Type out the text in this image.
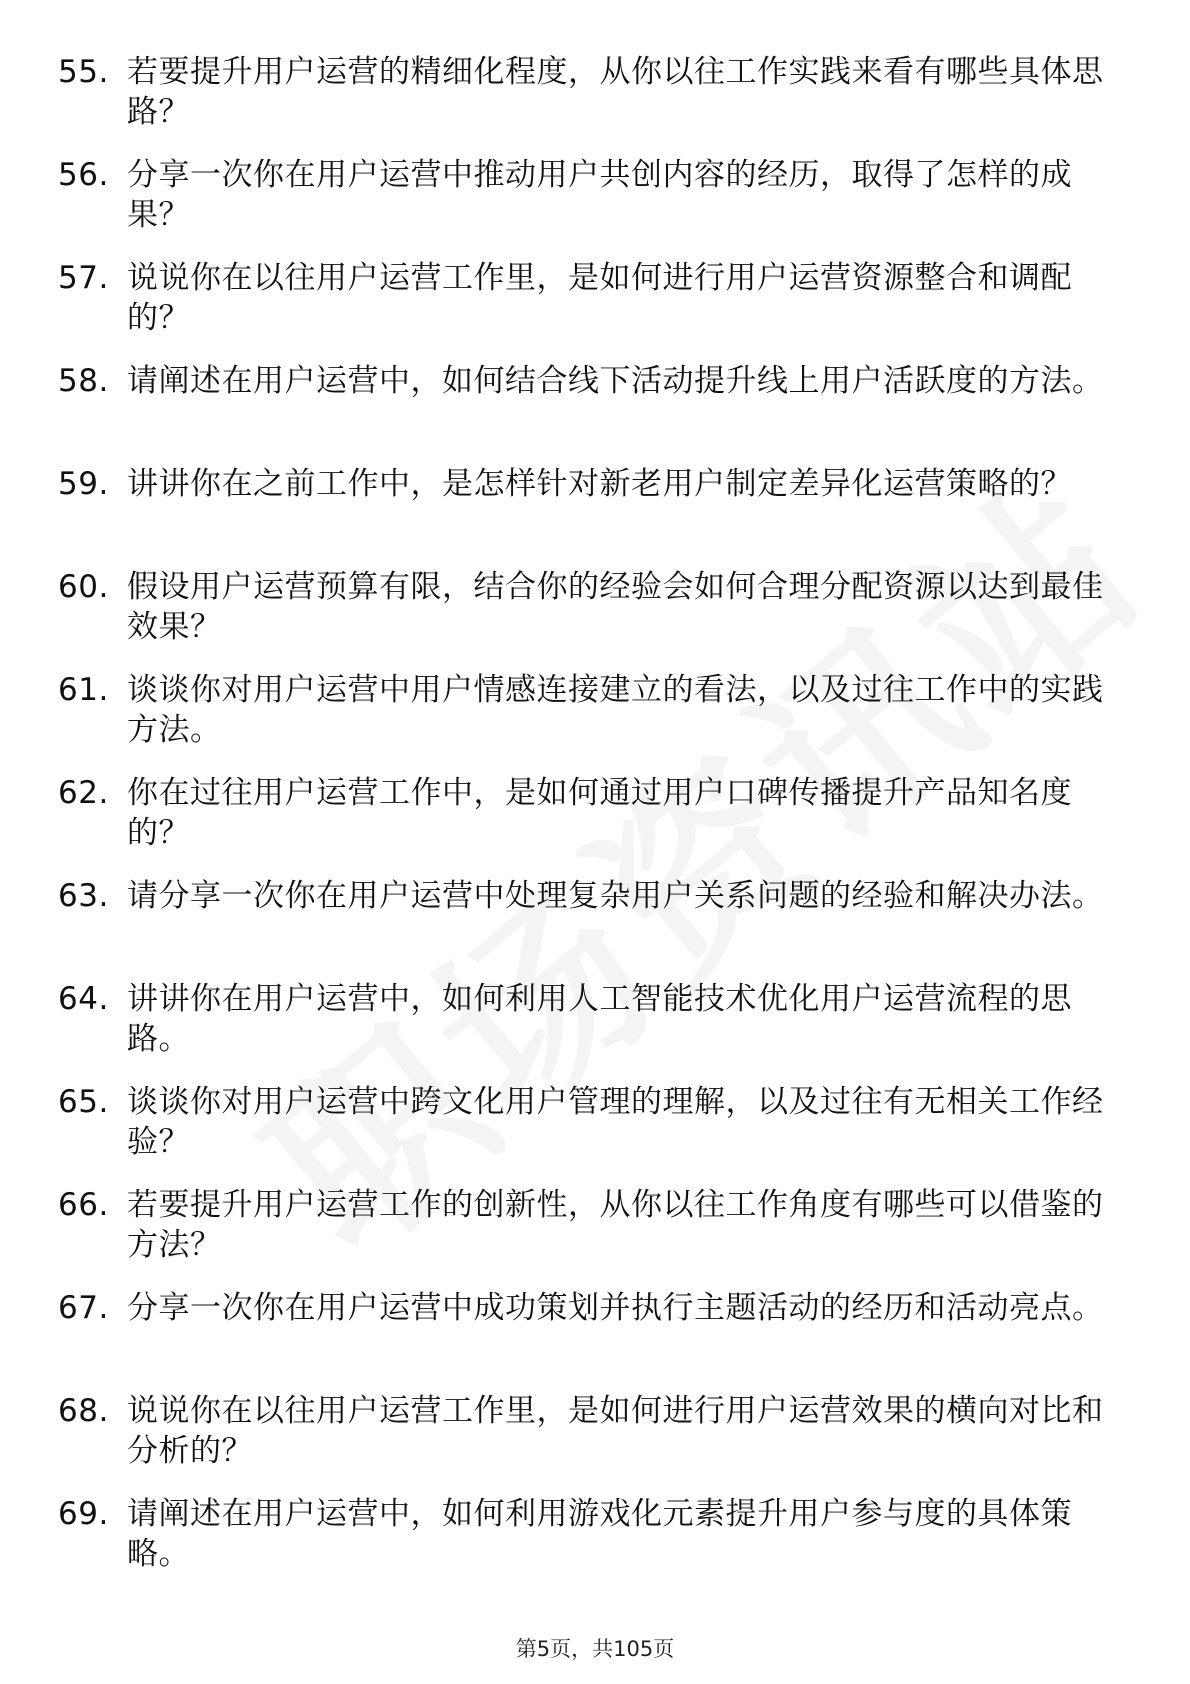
55. 若要提升用户运营的精细化程度，从你以往工作实践来看有哪些具体思路？
56. 分享一次你在用户运营中推动用户共创内容的经历，取得了怎样的成果？
57. 说说你在以往用户运营工作里，是如何进行用户运营资源整合和调配的？
58. 请阐述在用户运营中，如何结合线下活动提升线上用户活跃度的方法。
59. 讲讲你在之前工作中，是怎样针对新老用户制定差异化运营策略的？
60. 假设用户运营预算有限，结合你的经验会如何合理分配资源以达到最佳效果？
61. 谈谈你对用户运营中用户情感连接建立的看法，以及过往工作中的实践方法。
62. 你在过往用户运营工作中，是如何通过用户口碑传播提升产品知名度的？
63. 请分享一次你在用户运营中处理复杂用户关系问题的经验和解决办法。
64. 讲讲你在用户运营中，如何利用人工智能技术优化用户运营流程的思路。
65. 谈谈你对用户运营中跨文化用户管理的理解，以及过往有无相关工作经验？
66. 若要提升用户运营工作的创新性，从你以往工作角度有哪些可以借鉴的方法？
67. 分享一次你在用户运营中成功策划并执行主题活动的经历和活动亮点。
68. 说说你在以往用户运营工作里，是如何进行用户运营效果的横向对比和分析的？
69. 请阐述在用户运营中，如何利用游戏化元素提升用户参与度的具体策略。
第5页，共105页
